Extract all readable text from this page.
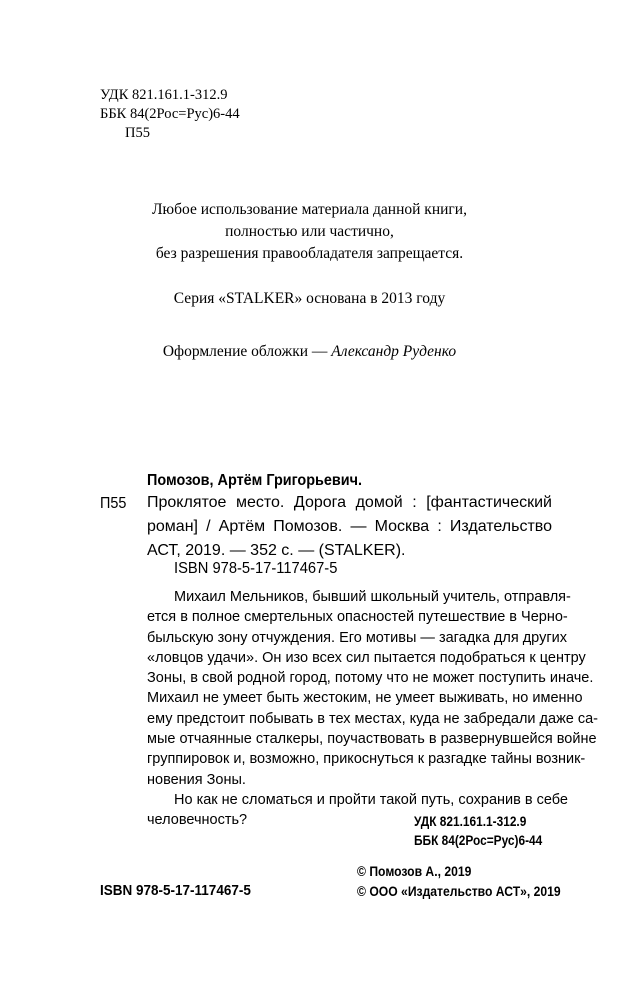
УДК 821.161.1-312.9

ББК 84(2Рос=Рус)6-44

П55

Любое использование материала данной книги,

полностью или частично,

без разрешения правообладателя запрещается.

Серия «STALKER» основана в 2013 году

Оформление обложки — Александр Руденко

Помозов, Артём Григорьевич.

П55 Проклятое место. Дорога домой : [фантастический
роман] / Артём Помозов. — Москва : Издательство
АСТ, 2019. — 352 с. — (STALKER).

ISBN 978-5-17-117467-5

Михаил Мельников, бывший школьный учитель, отправля-
ется в полное смертельных опасностей путешествие в Черно-
быльскую зону отчуждения. Его мотивы — загадка для других
«ловцов удачи». Он изо всех сил пытается подобраться к центру
Зоны, в свой родной город, потому что не может поступить иначе.
Михаил не умеет быть жестоким, не умеет выживать, но именно
ему предстоит побывать в тех местах, куда не забредали даже са-
мые отчаянные сталкеры, поучаствовать в развернувшейся войне
группировок и, возможно, прикоснуться к разгадке тайны возник-
новения Зоны.
Но как не сломаться и пройти такой путь, сохранив в себе
человечность?	УДК 821.161.1-312.9

ББК 84(2Рос=Рус)6-44

ISBN 978-5-17-117467-5

© Помозов А., 2019

© ООО «Издательство АСТ», 2019
